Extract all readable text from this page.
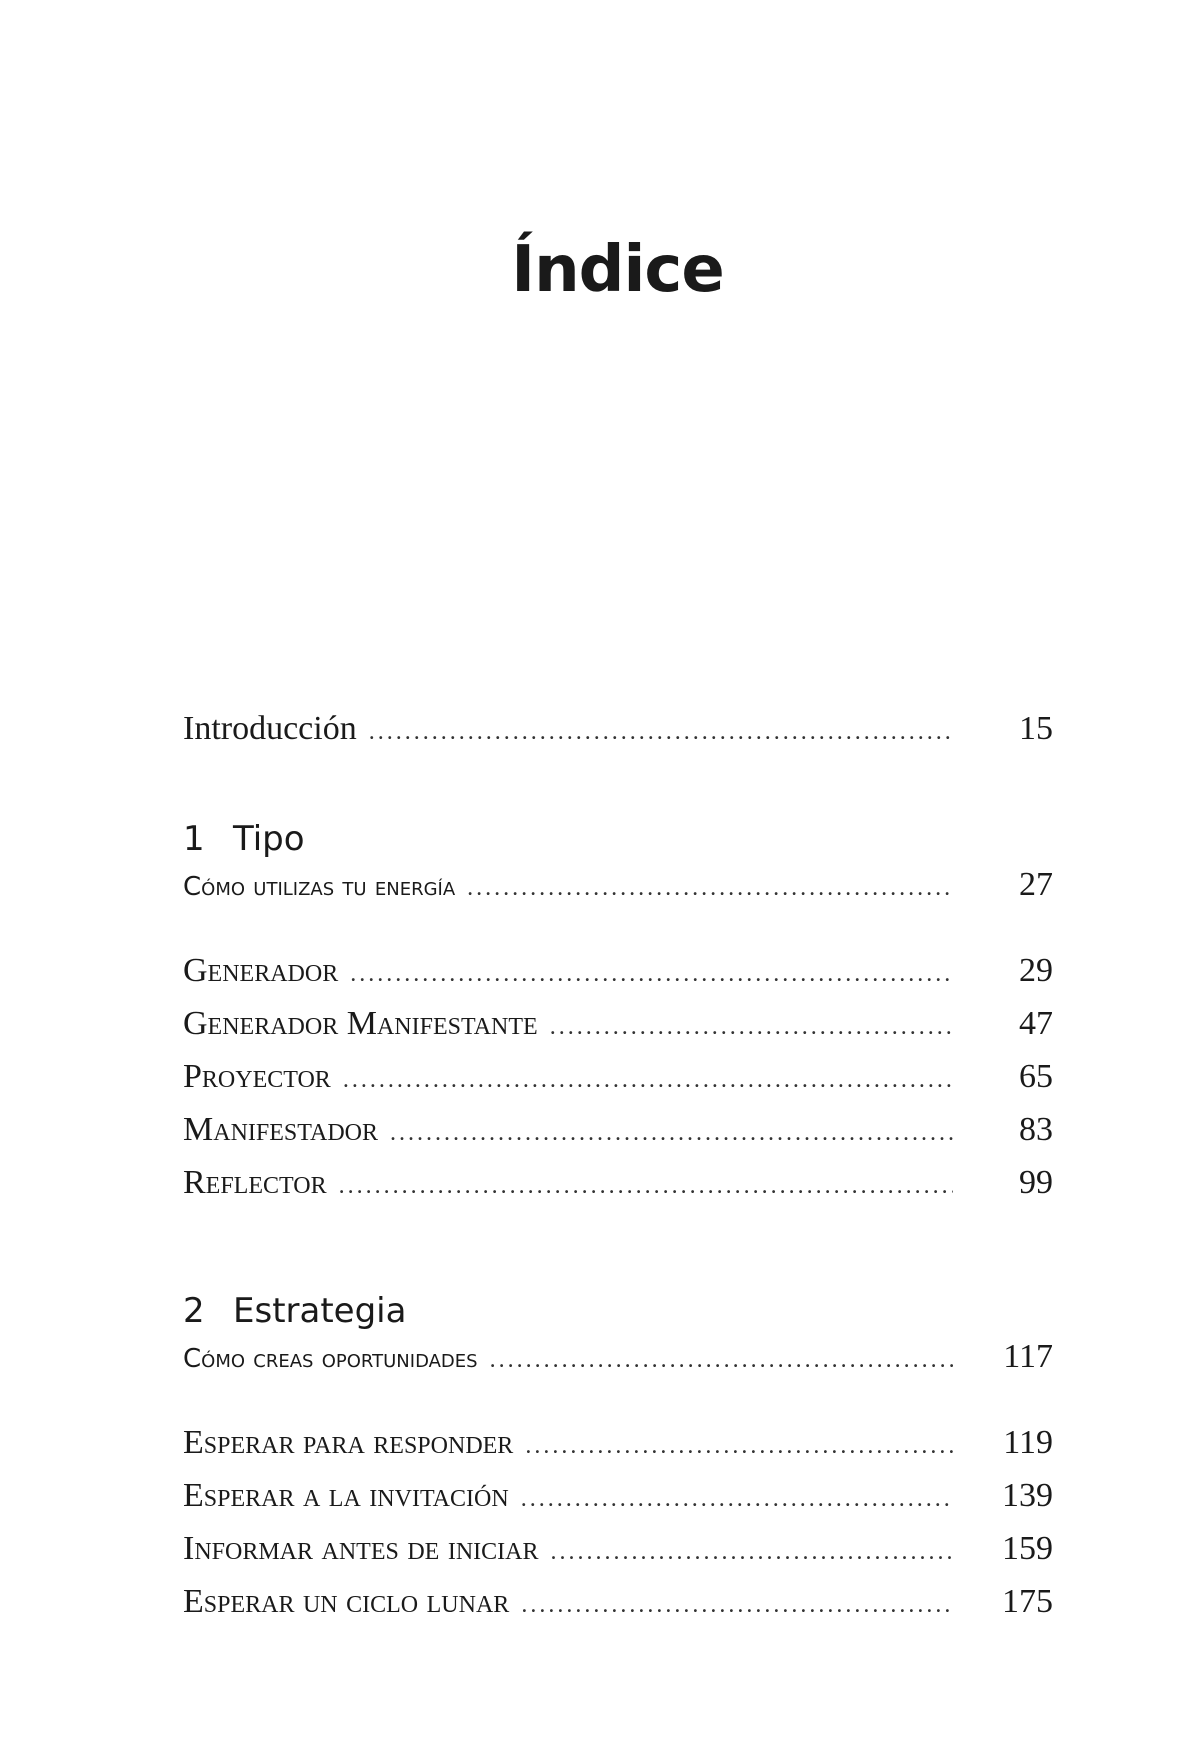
Índice
Introducción .....	15
1 Tipo
Cómo utilizas tu energía .....	27
Generador .....	29
Generador Manifestante .....	47
Proyector .....	65
Manifestador .....	83
Reflector .....	99
2 Estrategia
Cómo creas oportunidades .....	117
Esperar para responder .....	119
Esperar a la invitación .....	139
Informar antes de iniciar .....	159
Esperar un ciclo lunar .....	175
